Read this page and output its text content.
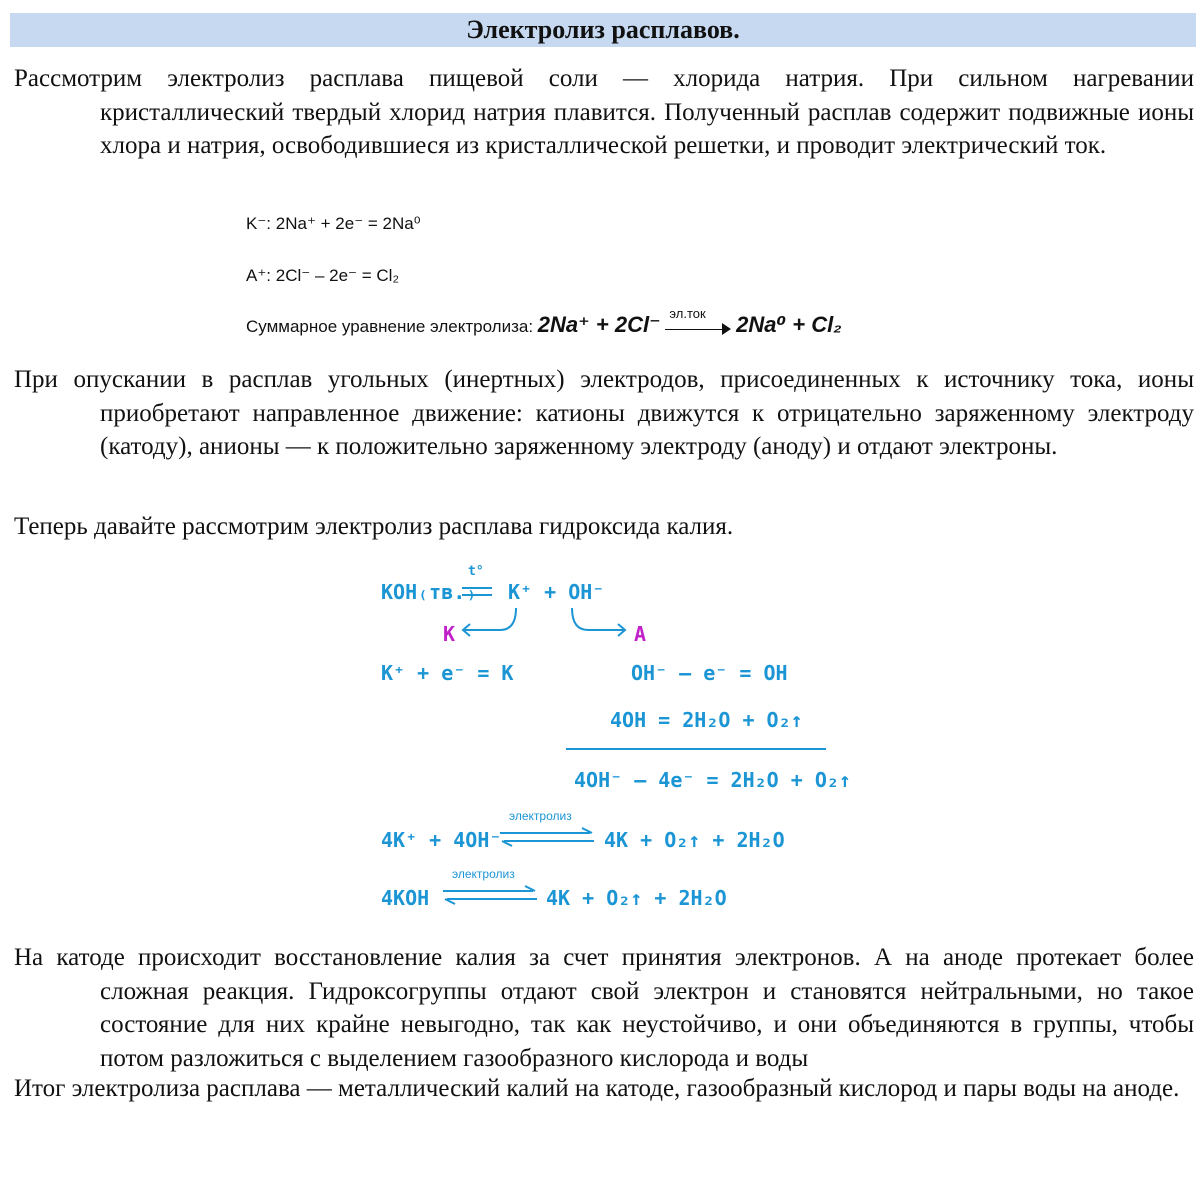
Электролиз расплавов.
Рассмотрим электролиз расплава пищевой соли — хлорида натрия. При сильном нагревании кристаллический твердый хлорид натрия плавится. Полученный расплав содержит подвижные ионы хлора и натрия, освободившиеся из кристаллической решетки, и проводит электрический ток.
K⁻: 2Na⁺ + 2e⁻ = 2Na⁰
A⁺: 2Cl⁻ – 2e⁻ = Cl₂
Суммарное уравнение электролиза: 2Na⁺ + 2Cl⁻ эл.ток 2Na⁰ + Cl₂
При опускании в расплав угольных (инертных) электродов, присоединенных к источнику тока, ионы приобретают направленное движение: катионы движутся к отрицательно заряженному электроду (катоду), анионы — к положительно заряженному электроду (аноду) и отдают электроны.
Теперь давайте рассмотрим электролиз расплава гидроксида калия.
KOH₍тв.₎
t°
K⁺ + OH⁻
K	A
K⁺ + e⁻ = K	OH⁻ – e⁻ = OH
4OH = 2H₂O + O₂↑
4OH⁻ – 4e⁻ = 2H₂O + O₂↑
4K⁺ + 4OH⁻
электролиз
4K + O₂↑ + 2H₂O
4KOH
электролиз
4K + O₂↑ + 2H₂O
На катоде происходит восстановление калия за счет принятия электронов. А на аноде протекает более сложная реакция. Гидроксогруппы отдают свой электрон и становятся нейтральными, но такое состояние для них крайне невыгодно, так как неустойчиво, и они объединяются в группы, чтобы потом разложиться с выделением газообразного кислорода и воды
Итог электролиза расплава — металлический калий на катоде, газообразный кислород и пары воды на аноде.
